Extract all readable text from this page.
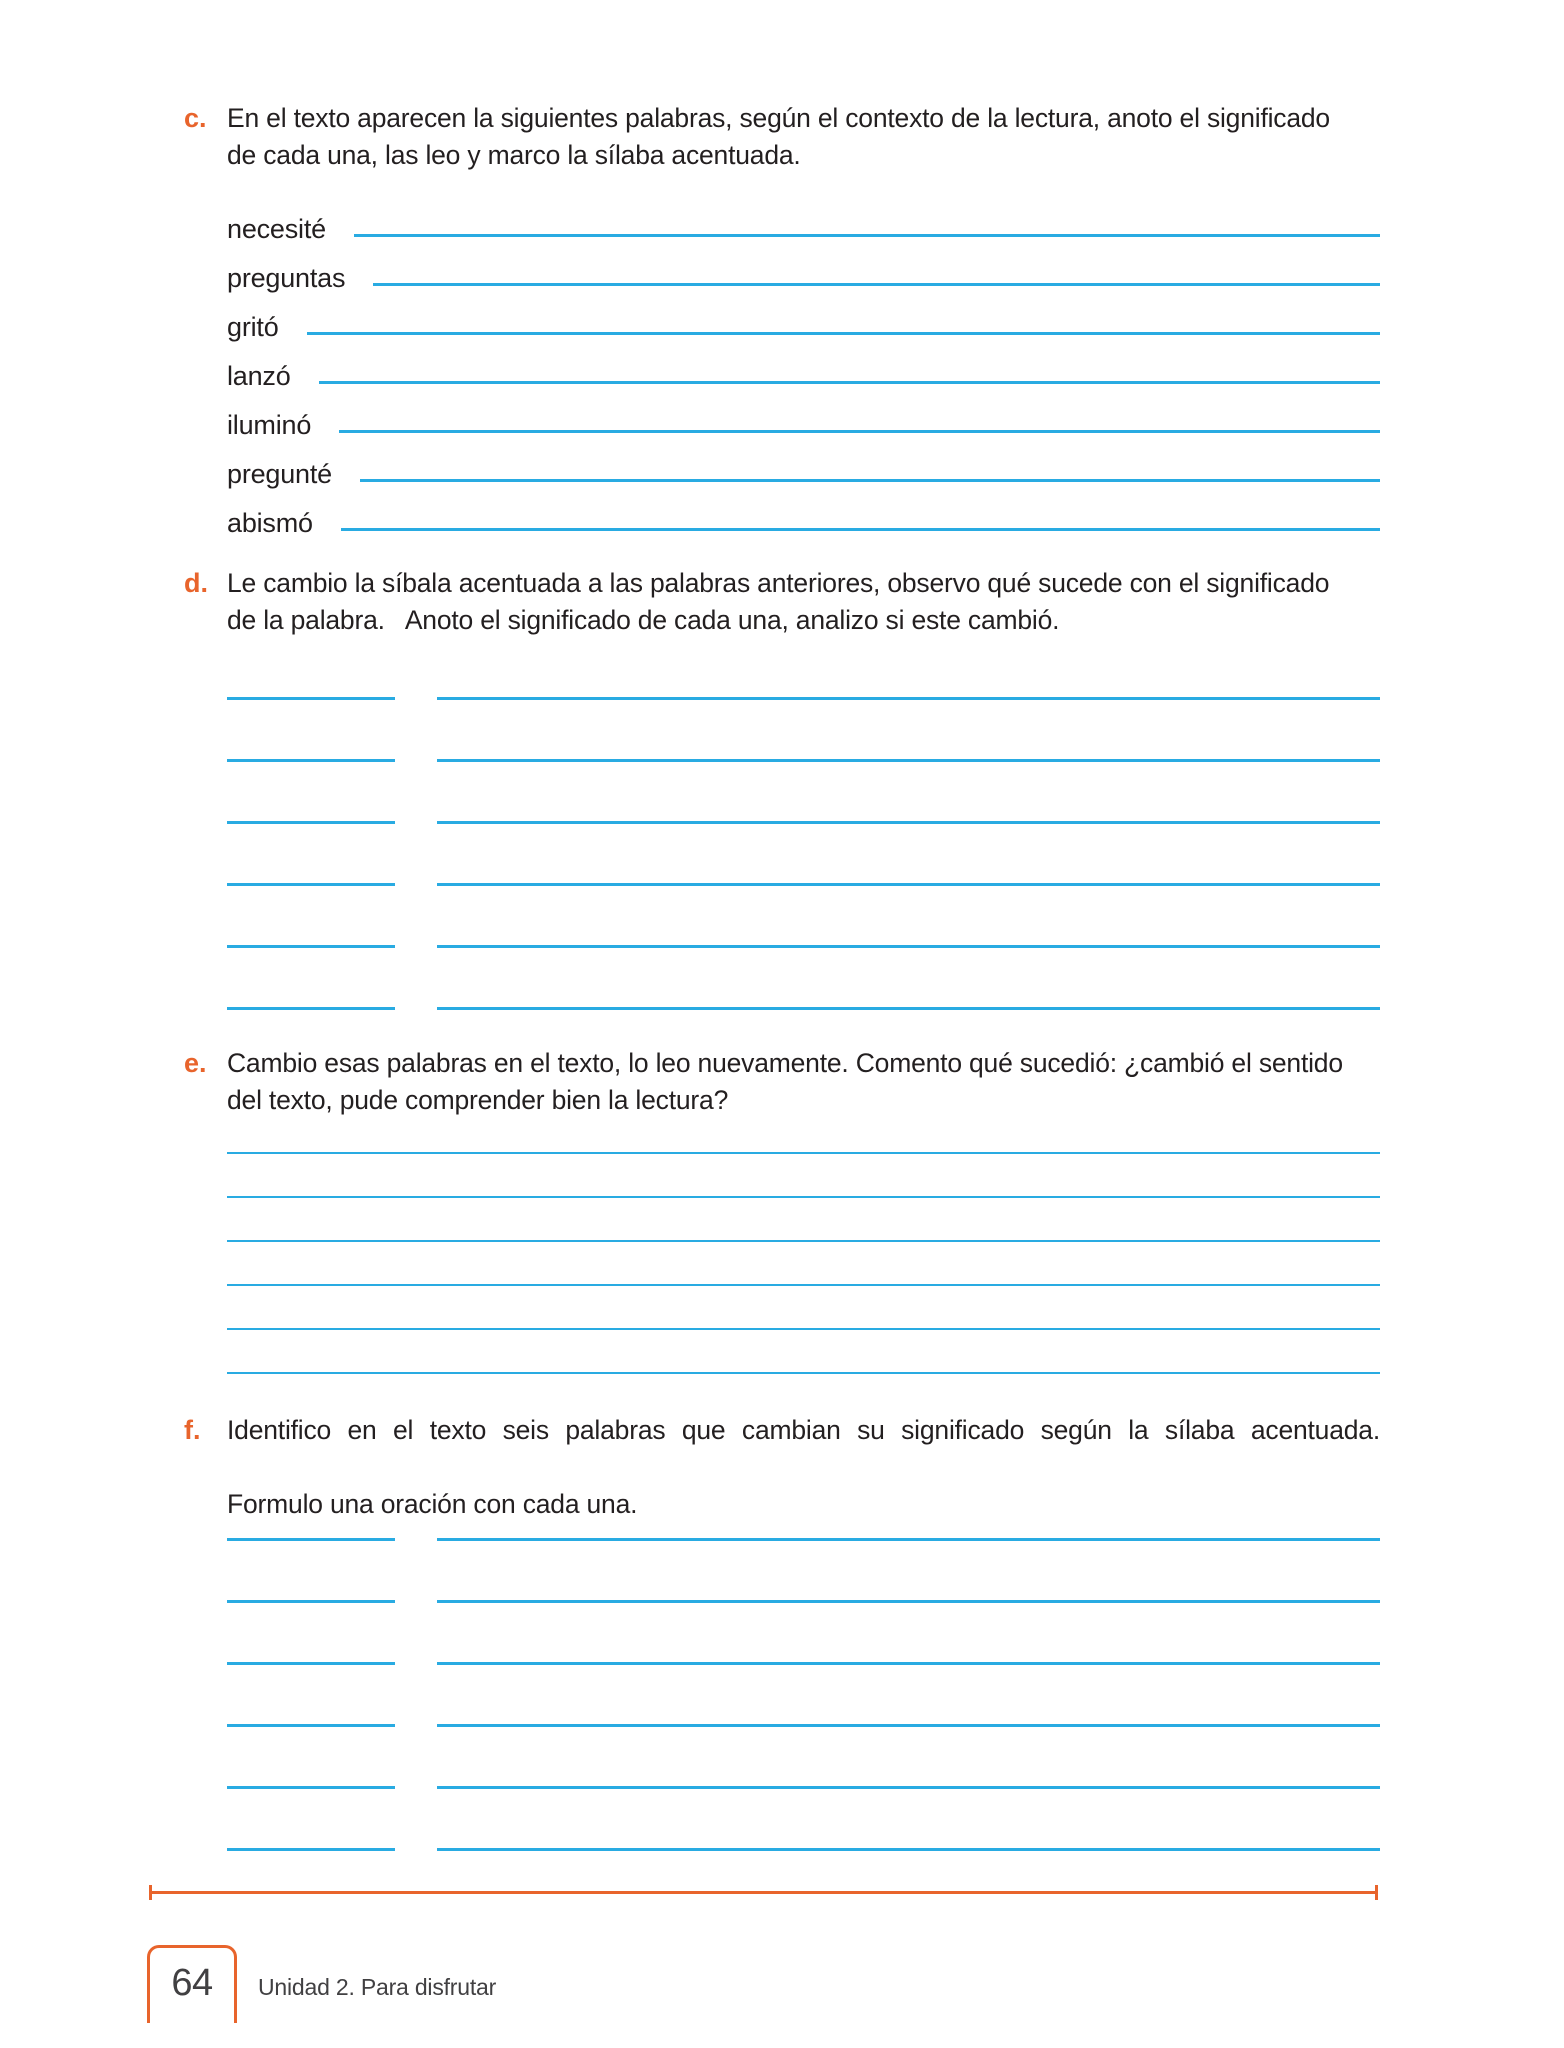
c. En el texto aparecen la siguientes palabras, según el contexto de la lectura, anoto el significado
de cada una, las leo y marco la sílaba acentuada.
necesité
preguntas
gritó
lanzó
iluminó
pregunté
abismó
d. Le cambio la síbala acentuada a las palabras anteriores, observo qué sucede con el significado
de la palabra.   Anoto el significado de cada una, analizo si este cambió.
e. Cambio esas palabras en el texto, lo leo nuevamente. Comento qué sucedió: ¿cambió el sentido
del texto, pude comprender bien la lectura?
f. Identifico en el texto seis palabras que cambian su significado según la sílaba acentuada.
Formulo una oración con cada una.
64 Unidad 2. Para disfrutar
